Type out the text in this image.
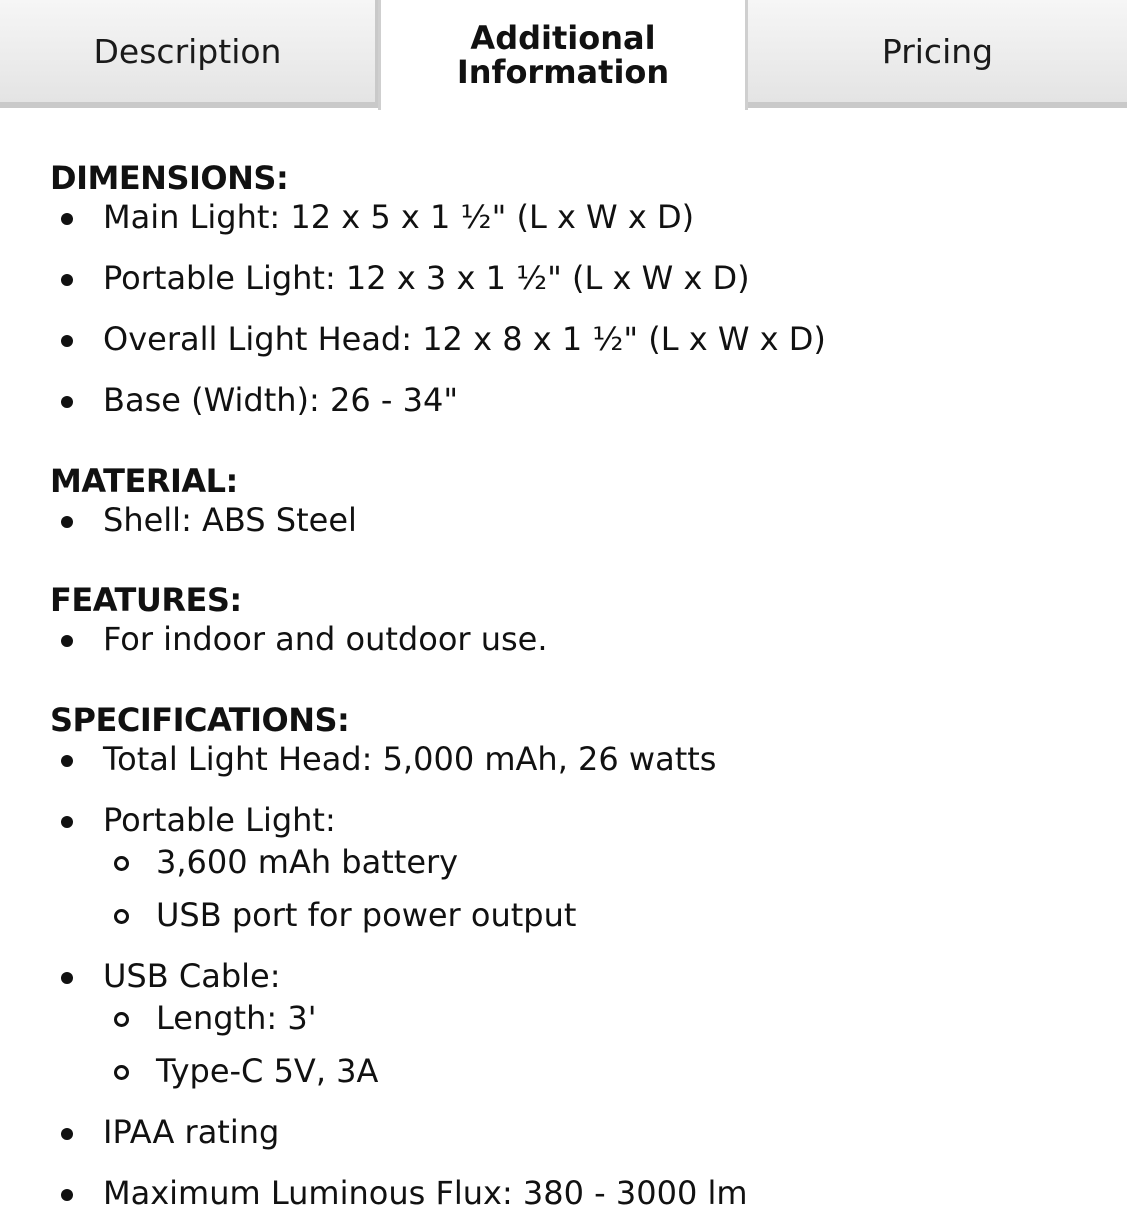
Description	Additional
Information
Pricing
DIMENSIONS:
Main Light: 12 x 5 x 1 ½" (L x W x D)
Portable Light: 12 x 3 x 1 ½" (L x W x D)
Overall Light Head: 12 x 8 x 1 ½" (L x W x D)
Base (Width): 26 - 34"
MATERIAL:
Shell: ABS Steel
FEATURES:
For indoor and outdoor use.
SPECIFICATIONS:
Total Light Head: 5,000 mAh, 26 watts
Portable Light:
3,600 mAh battery
USB port for power output
USB Cable:
Length: 3'
Type-C 5V, 3A
IPAA rating
Maximum Luminous Flux: 380 - 3000 lm
